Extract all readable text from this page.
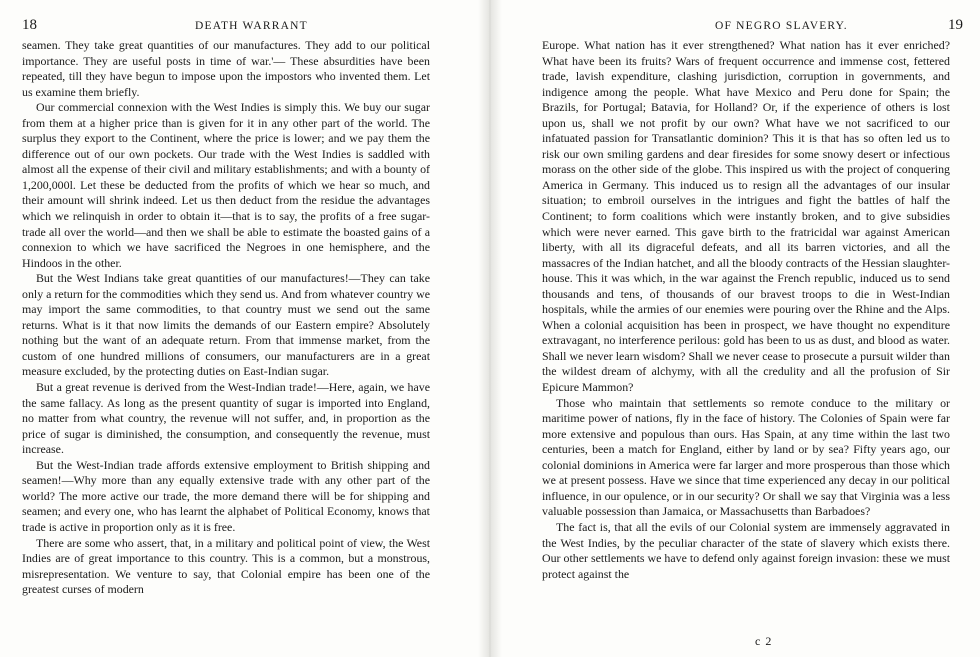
18	DEATH WARRANT

seamen. They take great quantities of our manufactures. They add to our political importance. They are useful posts in time of war.'— These absurdities have been repeated, till they have begun to impose upon the impostors who invented them. Let us examine them briefly.

Our commercial connexion with the West Indies is simply this. We buy our sugar from them at a higher price than is given for it in any other part of the world. The surplus they export to the Continent, where the price is lower; and we pay them the difference out of our own pockets. Our trade with the West Indies is saddled with almost all the expense of their civil and military establishments; and with a bounty of 1,200,000l. Let these be deducted from the profits of which we hear so much, and their amount will shrink indeed. Let us then deduct from the residue the advantages which we relinquish in order to obtain it—that is to say, the profits of a free sugar-trade all over the world—and then we shall be able to estimate the boasted gains of a connexion to which we have sacrificed the Negroes in one hemisphere, and the Hindoos in the other.

But the West Indians take great quantities of our manufactures!—They can take only a return for the commodities which they send us. And from whatever country we may import the same commodities, to that country must we send out the same returns. What is it that now limits the demands of our Eastern empire? Absolutely nothing but the want of an adequate return. From that immense market, from the custom of one hundred millions of consumers, our manufacturers are in a great measure excluded, by the protecting duties on East-Indian sugar.

But a great revenue is derived from the West-Indian trade!—Here, again, we have the same fallacy. As long as the present quantity of sugar is imported into England, no matter from what country, the revenue will not suffer, and, in proportion as the price of sugar is diminished, the consumption, and consequently the revenue, must increase.

But the West-Indian trade affords extensive employment to British shipping and seamen!—Why more than any equally extensive trade with any other part of the world? The more active our trade, the more demand there will be for shipping and seamen; and every one, who has learnt the alphabet of Political Economy, knows that trade is active in proportion only as it is free.

There are some who assert, that, in a military and political point of view, the West Indies are of great importance to this country. This is a common, but a monstrous, misrepresentation. We venture to say, that Colonial empire has been one of the greatest curses of modern

OF NEGRO SLAVERY.	19

Europe. What nation has it ever strengthened? What nation has it ever enriched? What have been its fruits? Wars of frequent occurrence and immense cost, fettered trade, lavish expenditure, clashing jurisdiction, corruption in governments, and indigence among the people. What have Mexico and Peru done for Spain; the Brazils, for Portugal; Batavia, for Holland? Or, if the experience of others is lost upon us, shall we not profit by our own? What have we not sacrificed to our infatuated passion for Transatlantic dominion? This it is that has so often led us to risk our own smiling gardens and dear firesides for some snowy desert or infectious morass on the other side of the globe. This inspired us with the project of conquering America in Germany. This induced us to resign all the advantages of our insular situation; to embroil ourselves in the intrigues and fight the battles of half the Continent; to form coalitions which were instantly broken, and to give subsidies which were never earned. This gave birth to the fratricidal war against American liberty, with all its digraceful defeats, and all its barren victories, and all the massacres of the Indian hatchet, and all the bloody contracts of the Hessian slaughter-house. This it was which, in the war against the French republic, induced us to send thousands and tens, of thousands of our bravest troops to die in West-Indian hospitals, while the armies of our enemies were pouring over the Rhine and the Alps. When a colonial acquisition has been in prospect, we have thought no expenditure extravagant, no interference perilous: gold has been to us as dust, and blood as water. Shall we never learn wisdom? Shall we never cease to prosecute a pursuit wilder than the wildest dream of alchymy, with all the credulity and all the profusion of Sir Epicure Mammon?

Those who maintain that settlements so remote conduce to the military or maritime power of nations, fly in the face of history. The Colonies of Spain were far more extensive and populous than ours. Has Spain, at any time within the last two centuries, been a match for England, either by land or by sea? Fifty years ago, our colonial dominions in America were far larger and more prosperous than those which we at present possess. Have we since that time experienced any decay in our political influence, in our opulence, or in our security? Or shall we say that Virginia was a less valuable possession than Jamaica, or Massachusetts than Barbadoes?

The fact is, that all the evils of our Colonial system are immensely aggravated in the West Indies, by the peculiar character of the state of slavery which exists there. Our other settlements we have to defend only against foreign invasion: these we must protect against the

c 2
